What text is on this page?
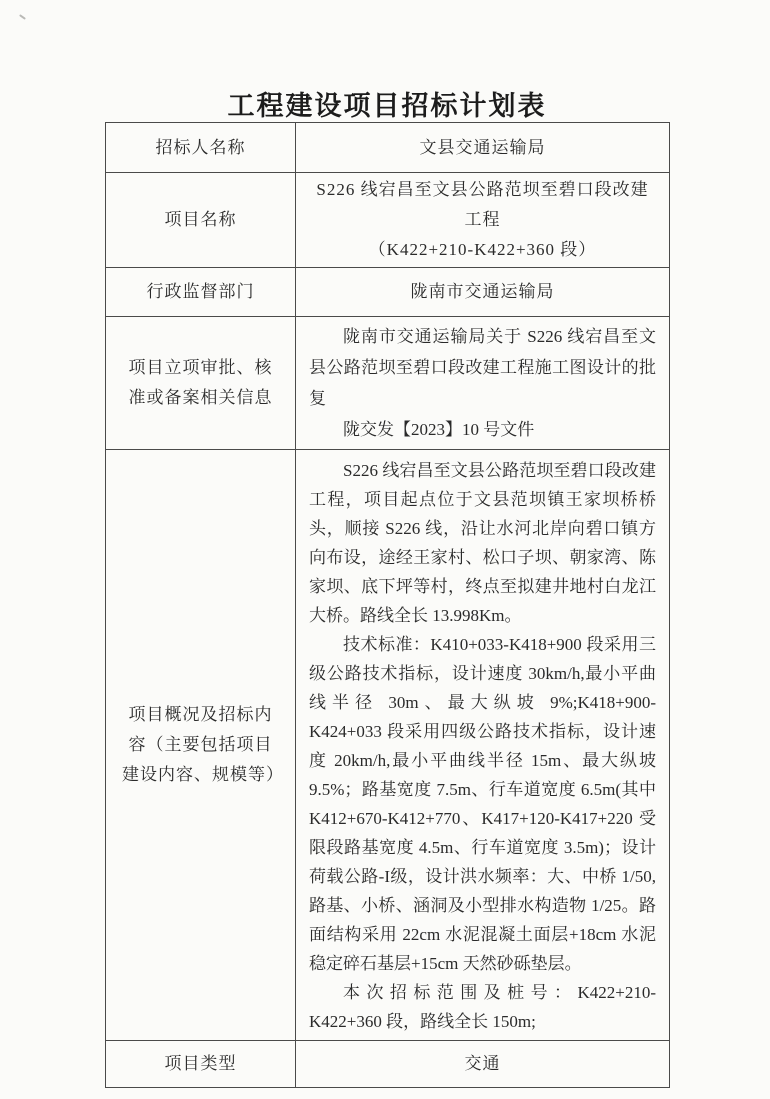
工程建设项目招标计划表
招标人名称	文县交通运输局
项目名称	S226 线宕昌至文县公路范坝至碧口段改建工程
（K422+210-K422+360 段）

行政监督部门	陇南市交通运输局
项目立项审批、核准或备案相关信息	陇南市交通运输局关于 S226 线宕昌至文县公路范坝至碧口段改建工程施工图设计的批复

陇交发【2023】10 号文件

项目概况及招标内容（主要包括项目建设内容、规模等）	S226 线宕昌至文县公路范坝至碧口段改建工程，项目起点位于文县范坝镇王家坝桥桥头，顺接 S226 线，沿让水河北岸向碧口镇方向布设，途经王家村、松口子坝、朝家湾、陈家坝、底下坪等村，终点至拟建井地村白龙江大桥。路线全长 13.998Km。

技术标准：K410+033-K418+900 段采用三级公路技术指标，设计速度 30km/h,最小平曲线半径 30m、最大纵坡 9%;K418+900-K424+033 段采用四级公路技术指标，设计速度 20km/h,最小平曲线半径 15m、最大纵坡 9.5%；路基宽度 7.5m、行车道宽度 6.5m(其中 K412+670-K412+770、K417+120-K417+220 受限段路基宽度 4.5m、行车道宽度 3.5m)；设计荷载公路-I级，设计洪水频率：大、中桥 1/50,路基、小桥、涵洞及小型排水构造物 1/25。路面结构采用 22cm 水泥混凝土面层+18cm 水泥稳定碎石基层+15cm 天然砂砾垫层。

本次招标范围及桩号：K422+210-K422+360 段，路线全长 150m;

项目类型	交通
